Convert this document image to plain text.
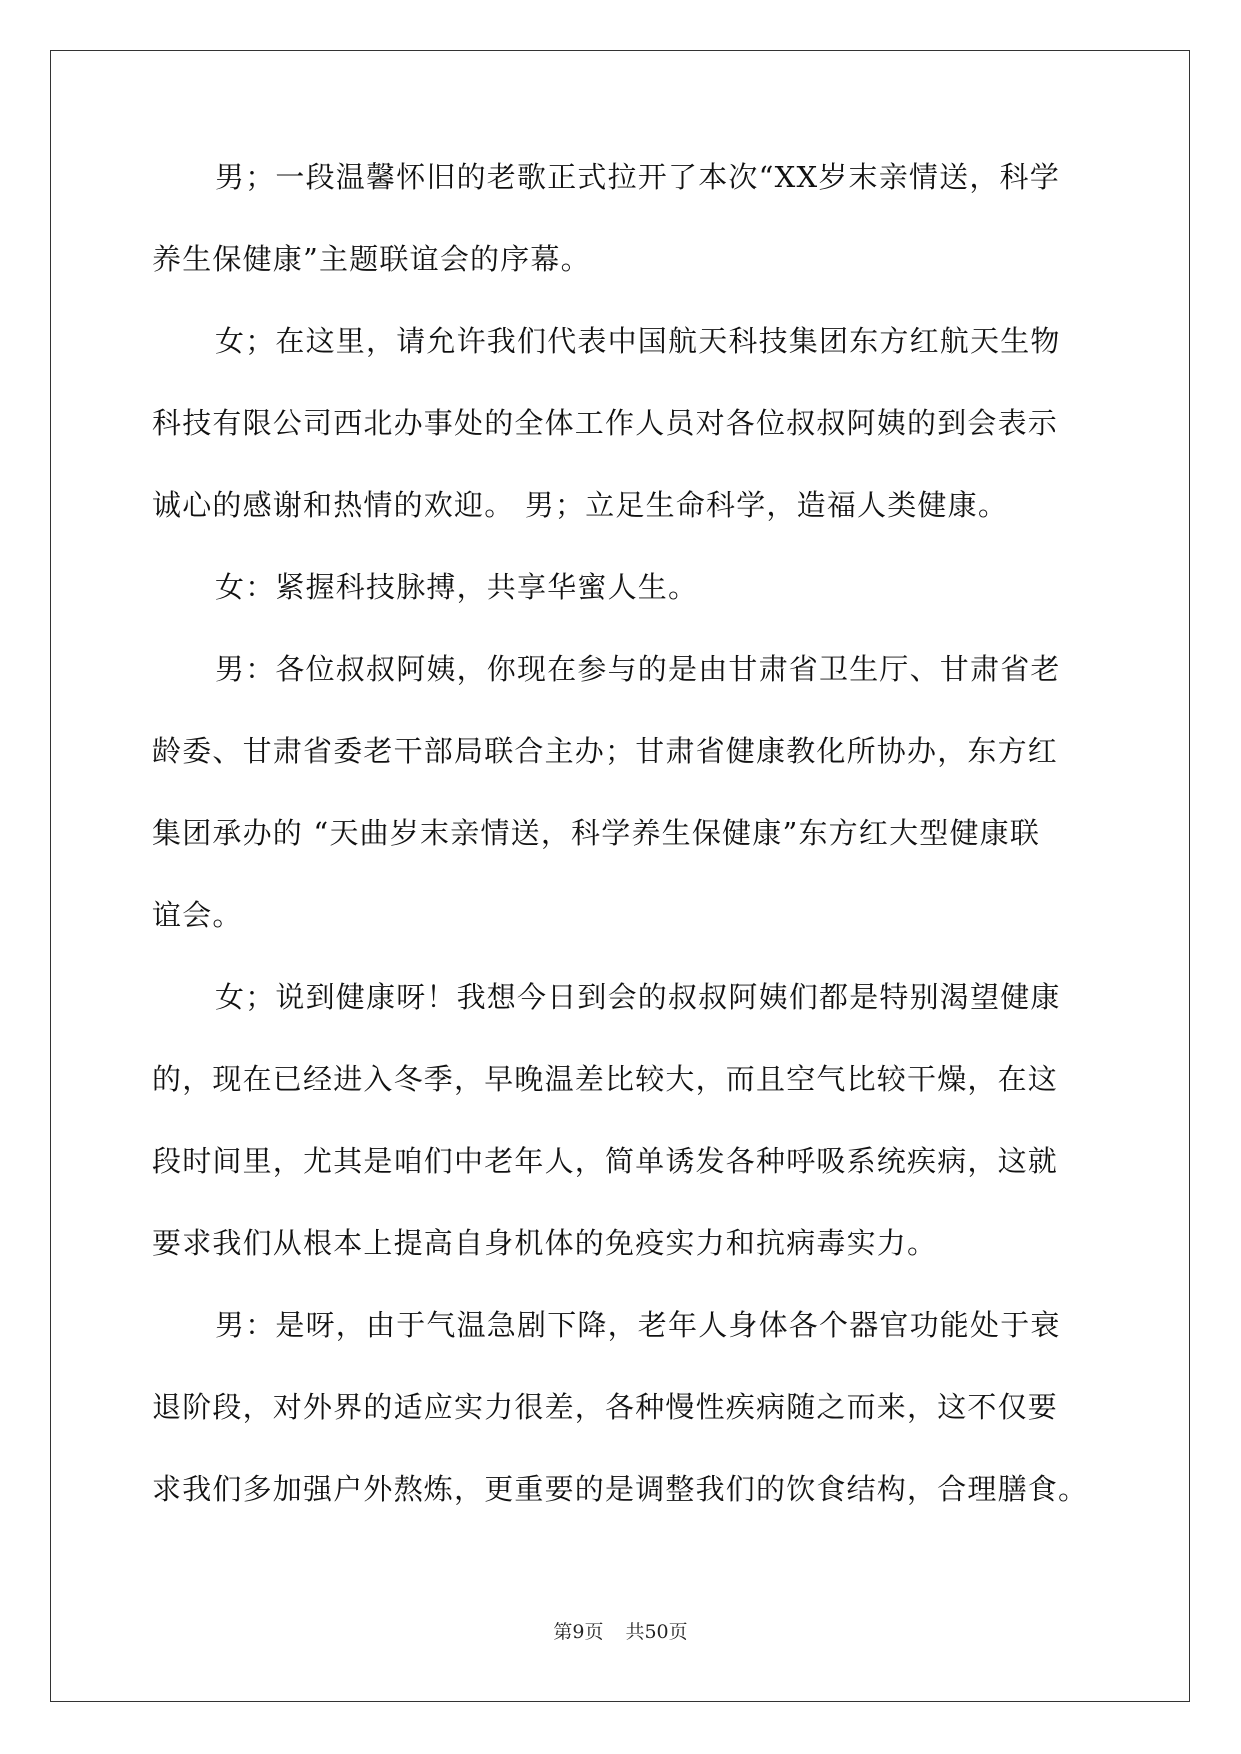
男；一段温馨怀旧的老歌正式拉开了本次“XX岁末亲情送，科学
养生保健康”主题联谊会的序幕。
女；在这里，请允许我们代表中国航天科技集团东方红航天生物
科技有限公司西北办事处的全体工作人员对各位叔叔阿姨的到会表示
诚心的感谢和热情的欢迎。 男；立足生命科学，造福人类健康。
女：紧握科技脉搏，共享华蜜人生。
男：各位叔叔阿姨，你现在参与的是由甘肃省卫生厅、甘肃省老
龄委、甘肃省委老干部局联合主办；甘肃省健康教化所协办，东方红
集团承办的 “天曲岁末亲情送，科学养生保健康”东方红大型健康联
谊会。
女；说到健康呀！我想今日到会的叔叔阿姨们都是特别渴望健康
的，现在已经进入冬季，早晚温差比较大，而且空气比较干燥，在这
段时间里，尤其是咱们中老年人，简单诱发各种呼吸系统疾病，这就
要求我们从根本上提高自身机体的免疫实力和抗病毒实力。
男：是呀，由于气温急剧下降，老年人身体各个器官功能处于衰
退阶段，对外界的适应实力很差，各种慢性疾病随之而来，这不仅要
求我们多加强户外熬炼，更重要的是调整我们的饮食结构，合理膳食。
第9页 共50页
